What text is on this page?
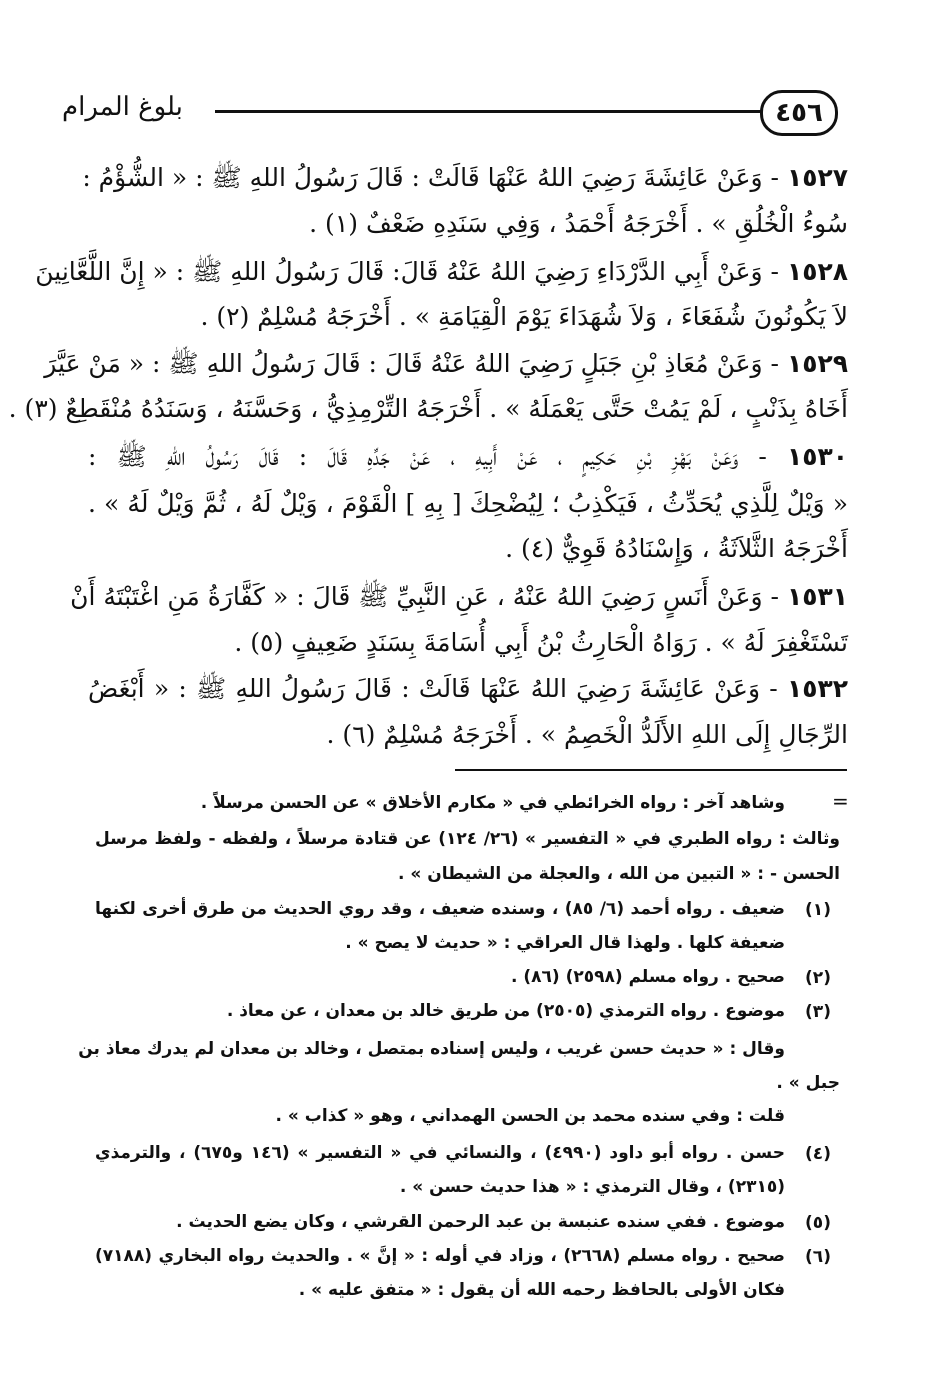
٤٥٦
بلوغ المرام
١٥٢٧ - وَعَنْ عَائِشَةَ رَضِيَ اللهُ عَنْهَا قَالَتْ : قَالَ رَسُولُ اللهِ ﷺ : « الشُّؤْمُ :
سُوءُ الْخُلُقِ » . أَخْرَجَهُ أَحْمَدُ ، وَفِي سَنَدِهِ ضَعْفٌ (١) .
١٥٢٨ - وَعَنْ أَبِي الدَّرْدَاءِ رَضِيَ اللهُ عَنْهُ قَالَ: قَالَ رَسُولُ اللهِ ﷺ : « إِنَّ اللَّعَّانِينَ
لاَ يَكُونُونَ شُفَعَاءَ ، وَلاَ شُهَدَاءَ يَوْمَ الْقِيَامَةِ » . أَخْرَجَهُ مُسْلِمٌ (٢) .
١٥٢٩ - وَعَنْ مُعَاذِ بْنِ جَبَلٍ رَضِيَ اللهُ عَنْهُ قَالَ : قَالَ رَسُولُ اللهِ ﷺ : « مَنْ عَيَّرَ
أَخَاهُ بِذَنْبٍ ، لَمْ يَمُتْ حَتَّى يَعْمَلَهُ » . أَخْرَجَهُ التِّرْمِذِيُّ ، وَحَسَّنَهُ ، وَسَنَدُهُ مُنْقَطِعٌ (٣) .
١٥٣٠ - وَعَنْ بَهْزِ بْنِ حَكِيمٍ ، عَنْ أَبِيهِ ، عَنْ جَدِّهِ قَالَ : قَالَ رَسُولُ اللهِ ﷺ :
« وَيْلٌ لِلَّذِي يُحَدِّثُ ، فَيَكْذِبُ ؛ لِيُضْحِكَ [ بِهِ ] الْقَوْمَ ، وَيْلٌ لَهُ ، ثُمَّ وَيْلٌ لَهُ » .
أَخْرَجَهُ الثَّلاَثَةُ ، وَإِسْنَادُهُ قَوِيٌّ (٤) .
١٥٣١ - وَعَنْ أَنَسٍ رَضِيَ اللهُ عَنْهُ ، عَنِ النَّبِيِّ ﷺ قَالَ : « كَفَّارَةُ مَنِ اغْتَبْتَهُ أَنْ
تَسْتَغْفِرَ لَهُ » . رَوَاهُ الْحَارِثُ بْنُ أَبِي أُسَامَةَ بِسَنَدٍ ضَعِيفٍ (٥) .
١٥٣٢ - وَعَنْ عَائِشَةَ رَضِيَ اللهُ عَنْهَا قَالَتْ : قَالَ رَسُولُ اللهِ ﷺ : « أَبْغَضُ
الرِّجَالِ إِلَى اللهِ الأَلَدُّ الْخَصِمُ » . أَخْرَجَهُ مُسْلِمٌ (٦) .
=
وشاهد آخر : رواه الخرائطي في « مكارم الأخلاق » عن الحسن مرسلاً .
وثالث : رواه الطبري في « التفسير » (٢٦/ ١٢٤) عن قتادة مرسلاً ، ولفظه - ولفظ مرسل
الحسن - : « التبين من الله ، والعجلة من الشيطان » .
(١)
ضعيف . رواه أحمد (٦/ ٨٥) ، وسنده ضعيف ، وقد روي الحديث من طرق أخرى لكنها
ضعيفة كلها . ولهذا قال العراقي : « حديث لا يصح » .
(٢)
صحيح . رواه مسلم (٢٥٩٨) (٨٦) .
(٣)
موضوع . رواه الترمذي (٢٥٠٥) من طريق خالد بن معدان ، عن معاذ .
وقال : « حديث حسن غريب ، وليس إسناده بمتصل ، وخالد بن معدان لم يدرك معاذ بن
جبل » .
قلت : وفي سنده محمد بن الحسن الهمداني ، وهو « كذاب » .
(٤)
حسن . رواه أبو داود (٤٩٩٠) ، والنسائي في « التفسير » (١٤٦ و٦٧٥) ، والترمذي
(٢٣١٥) ، وقال الترمذي : « هذا حديث حسن » .
(٥)
موضوع . ففي سنده عنبسة بن عبد الرحمن القرشي ، وكان يضع الحديث .
(٦)
صحيح . رواه مسلم (٢٦٦٨) ، وزاد في أوله : « إنَّ » . والحديث رواه البخاري (٧١٨٨)
فكان الأولى بالحافظ رحمه الله أن يقول : « متفق عليه » .
